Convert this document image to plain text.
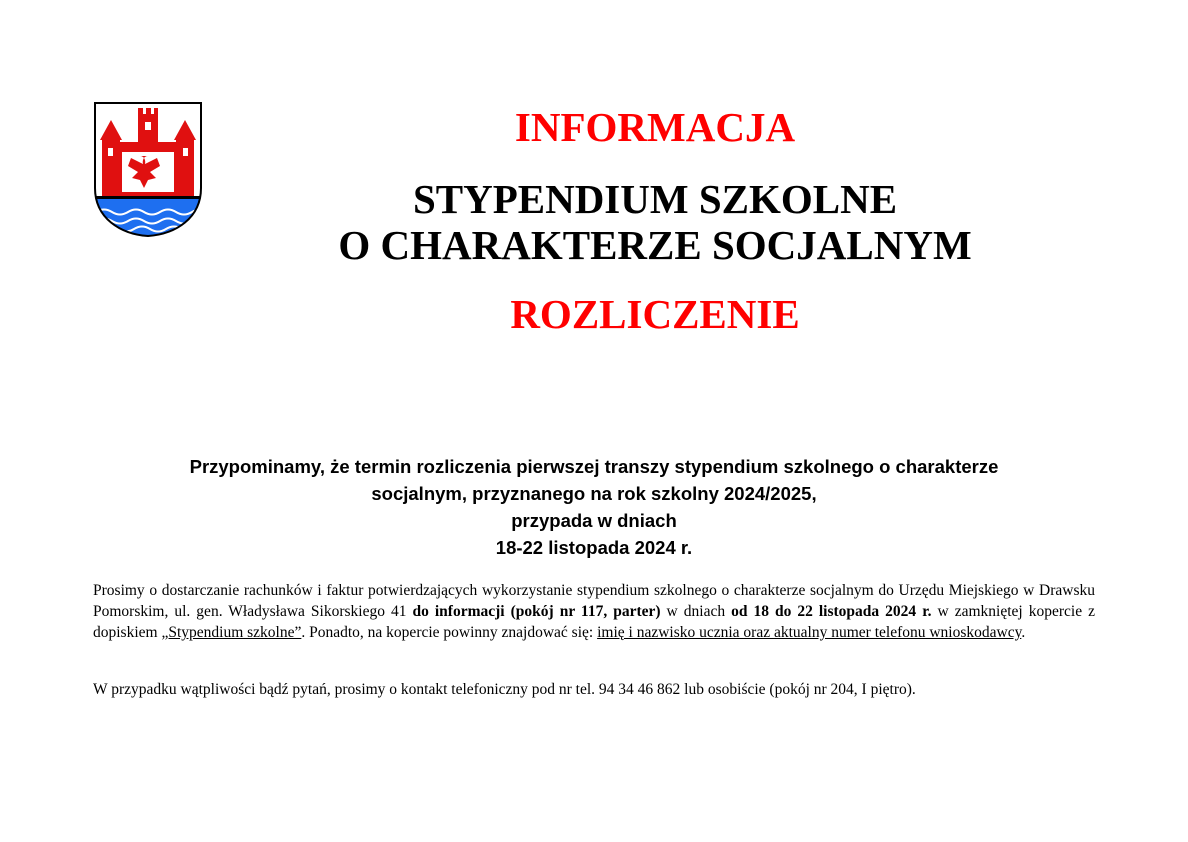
INFORMACJA
STYPENDIUM SZKOLNE
O CHARAKTERZE SOCJALNYM
ROZLICZENIE
Przypominamy, że termin rozliczenia pierwszej transzy stypendium szkolnego o charakterze
socjalnym, przyznanego na rok szkolny 2024/2025,
przypada w dniach
18-22 listopada 2024 r.
Prosimy o dostarczanie rachunków i faktur potwierdzających wykorzystanie stypendium szkolnego o charakterze socjalnym do Urzędu Miejskiego w Drawsku Pomorskim, ul. gen. Władysława Sikorskiego 41 do informacji (pokój nr 117, parter) w dniach od 18 do 22 listopada 2024 r. w zamkniętej kopercie z dopiskiem „Stypendium szkolne”. Ponadto, na kopercie powinny znajdować się: imię i nazwisko ucznia oraz aktualny numer telefonu wnioskodawcy.
W przypadku wątpliwości bądź pytań, prosimy o kontakt telefoniczny pod nr tel. 94 34 46 862 lub osobiście (pokój nr 204, I piętro).
